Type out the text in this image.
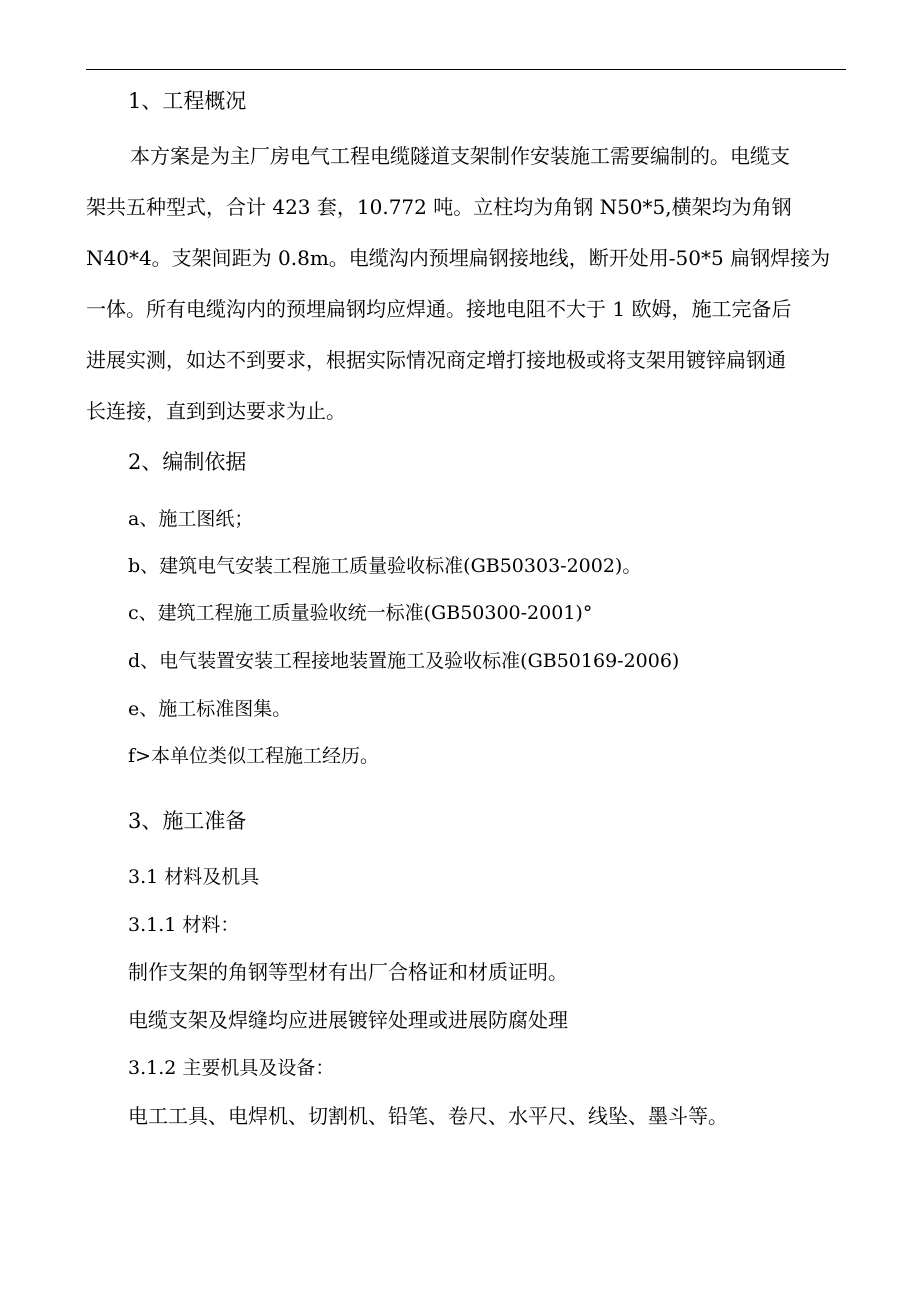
1、工程概况
本方案是为主厂房电气工程电缆隧道支架制作安装施工需要编制的。电缆支
架共五种型式，合计 423 套，10.772 吨。立柱均为角钢 N50*5,横架均为角钢
N40*4。支架间距为 0.8m。电缆沟内预埋扁钢接地线，断开处用-50*5 扁钢焊接为
一体。所有电缆沟内的预埋扁钢均应焊通。接地电阻不大于 1 欧姆，施工完备后
进展实测，如达不到要求，根据实际情况商定增打接地极或将支架用镀锌扁钢通
长连接，直到到达要求为止。
2、编制依据
a、施工图纸；
b、建筑电气安装工程施工质量验收标准(GB50303-2002)。
c、建筑工程施工质量验收统一标准(GB50300-2001)°
d、电气装置安装工程接地装置施工及验收标准(GB50169-2006)
e、施工标准图集。
f>本单位类似工程施工经历。
3、施工准备
3.1 材料及机具
3.1.1 材料：
制作支架的角钢等型材有出厂合格证和材质证明。
电缆支架及焊缝均应进展镀锌处理或进展防腐处理
3.1.2 主要机具及设备：
电工工具、电焊机、切割机、铅笔、卷尺、水平尺、线坠、墨斗等。
